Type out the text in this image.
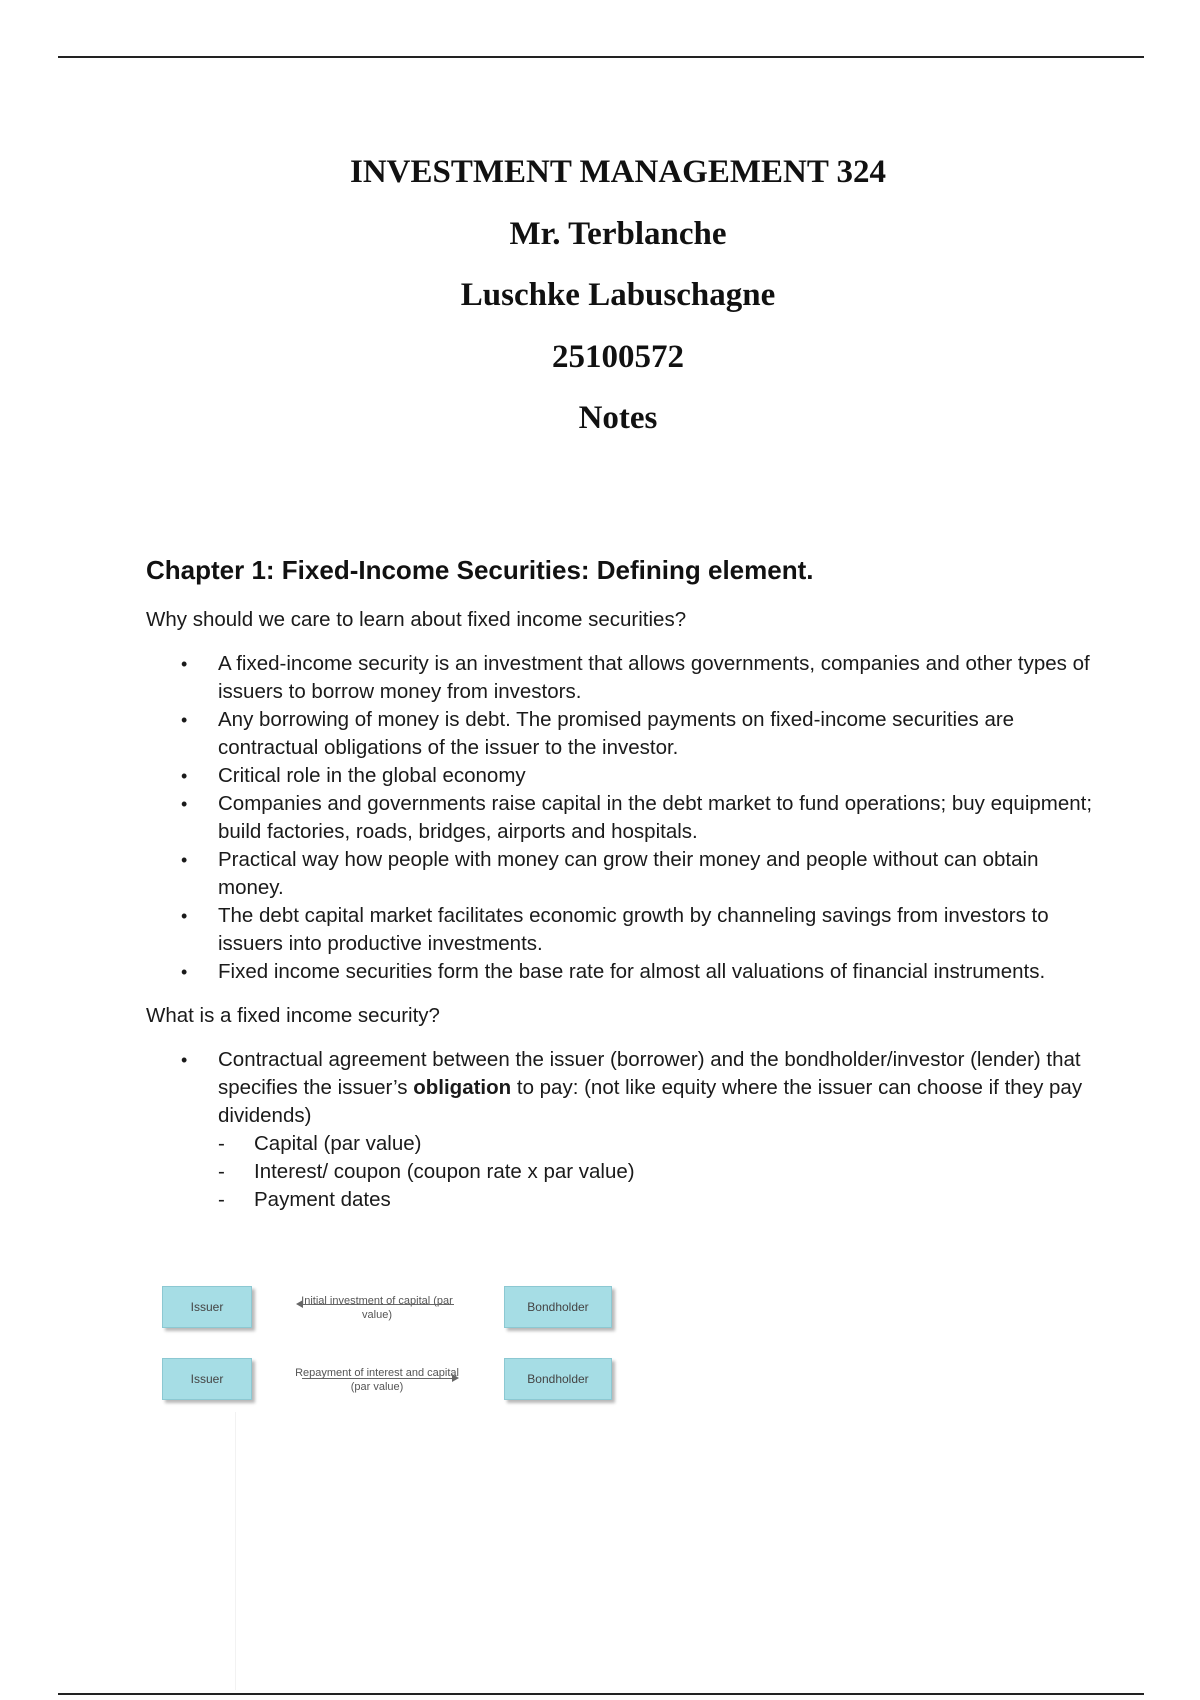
INVESTMENT MANAGEMENT 324

Mr. Terblanche

Luschke Labuschagne

25100572

Notes

Chapter 1: Fixed-Income Securities: Defining element.

Why should we care to learn about fixed income securities?

• A fixed-income security is an investment that allows governments, companies and other types of issuers to borrow money from investors.
• Any borrowing of money is debt. The promised payments on fixed-income securities are contractual obligations of the issuer to the investor.
• Critical role in the global economy
• Companies and governments raise capital in the debt market to fund operations; buy equipment; build factories, roads, bridges, airports and hospitals.
• Practical way how people with money can grow their money and people without can obtain money.
• The debt capital market facilitates economic growth by channeling savings from investors to issuers into productive investments.
• Fixed income securities form the base rate for almost all valuations of financial instruments.

What is a fixed income security?

• Contractual agreement between the issuer (borrower) and the bondholder/investor (lender) that specifies the issuer’s obligation to pay: (not like equity where the issuer can choose if they pay dividends)
- Capital (par value)
- Interest/ coupon (coupon rate x par value)
- Payment dates
Issuer	Initial investment of capital (par value)
Bondholder
Issuer	Repayment of interest and capital (par value)
Bondholder
